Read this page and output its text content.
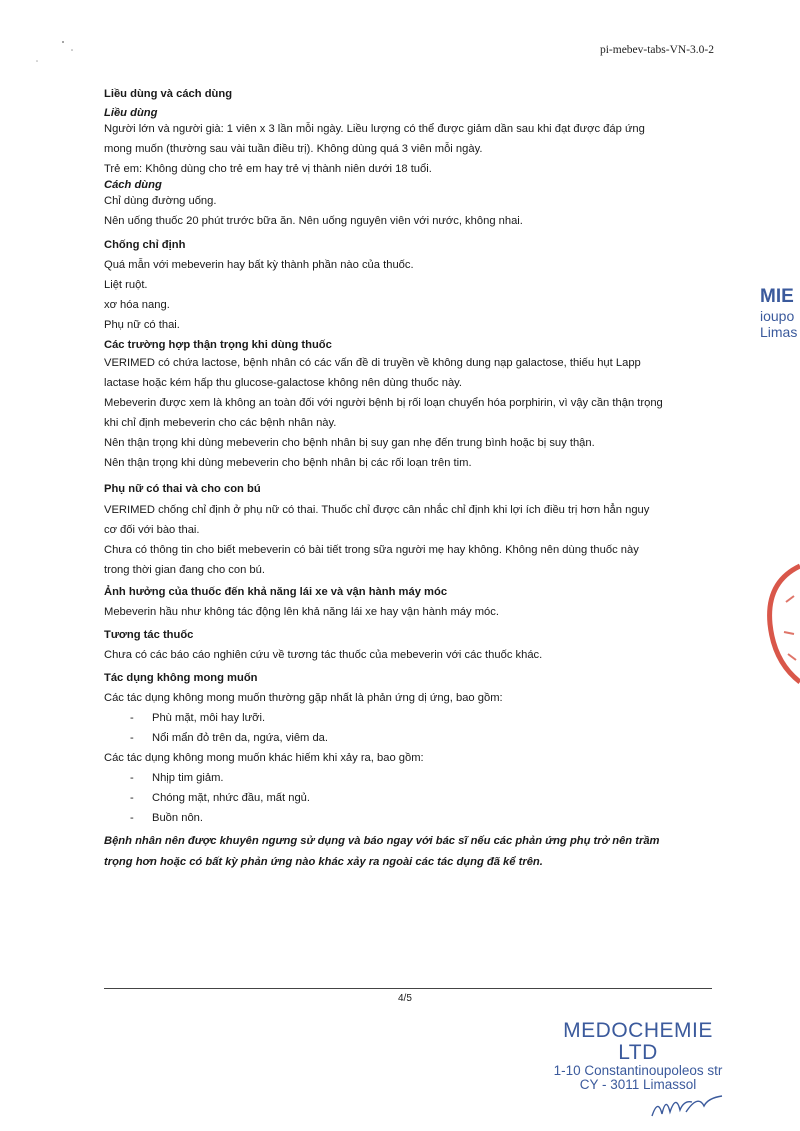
pi-mebev-tabs-VN-3.0-2

Liều dùng và cách dùng

Liều dùng

Người lớn và người già: 1 viên x 3 lần mỗi ngày. Liều lượng có thể được giảm dần sau khi đạt được đáp ứng

mong muốn (thường sau vài tuần điều trị). Không dùng quá 3 viên mỗi ngày.

Trẻ em: Không dùng cho trẻ em hay trẻ vị thành niên dưới 18 tuổi.

Cách dùng

Chỉ dùng đường uống.

Nên uống thuốc 20 phút trước bữa ăn. Nên uống nguyên viên với nước, không nhai.

Chống chỉ định

Quá mẫn với mebeverin hay bất kỳ thành phần nào của thuốc.

Liệt ruột.

xơ hóa nang.

Phụ nữ có thai.

Các trường hợp thận trọng khi dùng thuốc

VERIMED có chứa lactose, bệnh nhân có các vấn đề di truyền về không dung nạp galactose, thiếu hụt Lapp

lactase hoặc kém hấp thu glucose-galactose không nên dùng thuốc này.

Mebeverin được xem là không an toàn đối với người bệnh bị rối loạn chuyển hóa porphirin, vì vậy cần thận trọng

khi chỉ định mebeverin cho các bệnh nhân này.

Nên thận trọng khi dùng mebeverin cho bệnh nhân bị suy gan nhẹ đến trung bình hoặc bị suy thận.

Nên thận trọng khi dùng mebeverin cho bệnh nhân bị các rối loạn trên tim.

Phụ nữ có thai và cho con bú

VERIMED chống chỉ định ở phụ nữ có thai. Thuốc chỉ được cân nhắc chỉ định khi lợi ích điều trị hơn hẳn nguy

cơ đối với bào thai.

Chưa có thông tin cho biết mebeverin có bài tiết trong sữa người mẹ hay không. Không nên dùng thuốc này

trong thời gian đang cho con bú.

Ảnh hưởng của thuốc đến khả năng lái xe và vận hành máy móc

Mebeverin hầu như không tác động lên khả năng lái xe hay vận hành máy móc.

Tương tác thuốc

Chưa có các báo cáo nghiên cứu về tương tác thuốc của mebeverin với các thuốc khác.

Tác dụng không mong muốn

Các tác dụng không mong muốn thường gặp nhất là phản ứng dị ứng, bao gồm:

- Phù mặt, môi hay lưỡi.
- Nổi mẩn đỏ trên da, ngứa, viêm da.

Các tác dụng không mong muốn khác hiếm khi xảy ra, bao gồm:

- Nhịp tim giảm.
- Chóng mặt, nhức đầu, mất ngủ.
- Buồn nôn.

Bệnh nhân nên được khuyên ngưng sử dụng và báo ngay với bác sĩ nếu các phản ứng phụ trở nên trầm

trọng hơn hoặc có bất kỳ phản ứng nào khác xảy ra ngoài các tác dụng đã kể trên.

4/5
MIE
ioupo
Limas
MEDOCHEMIE LTD
1-10 Constantinoupoleos str
CY - 3011 Limassol
